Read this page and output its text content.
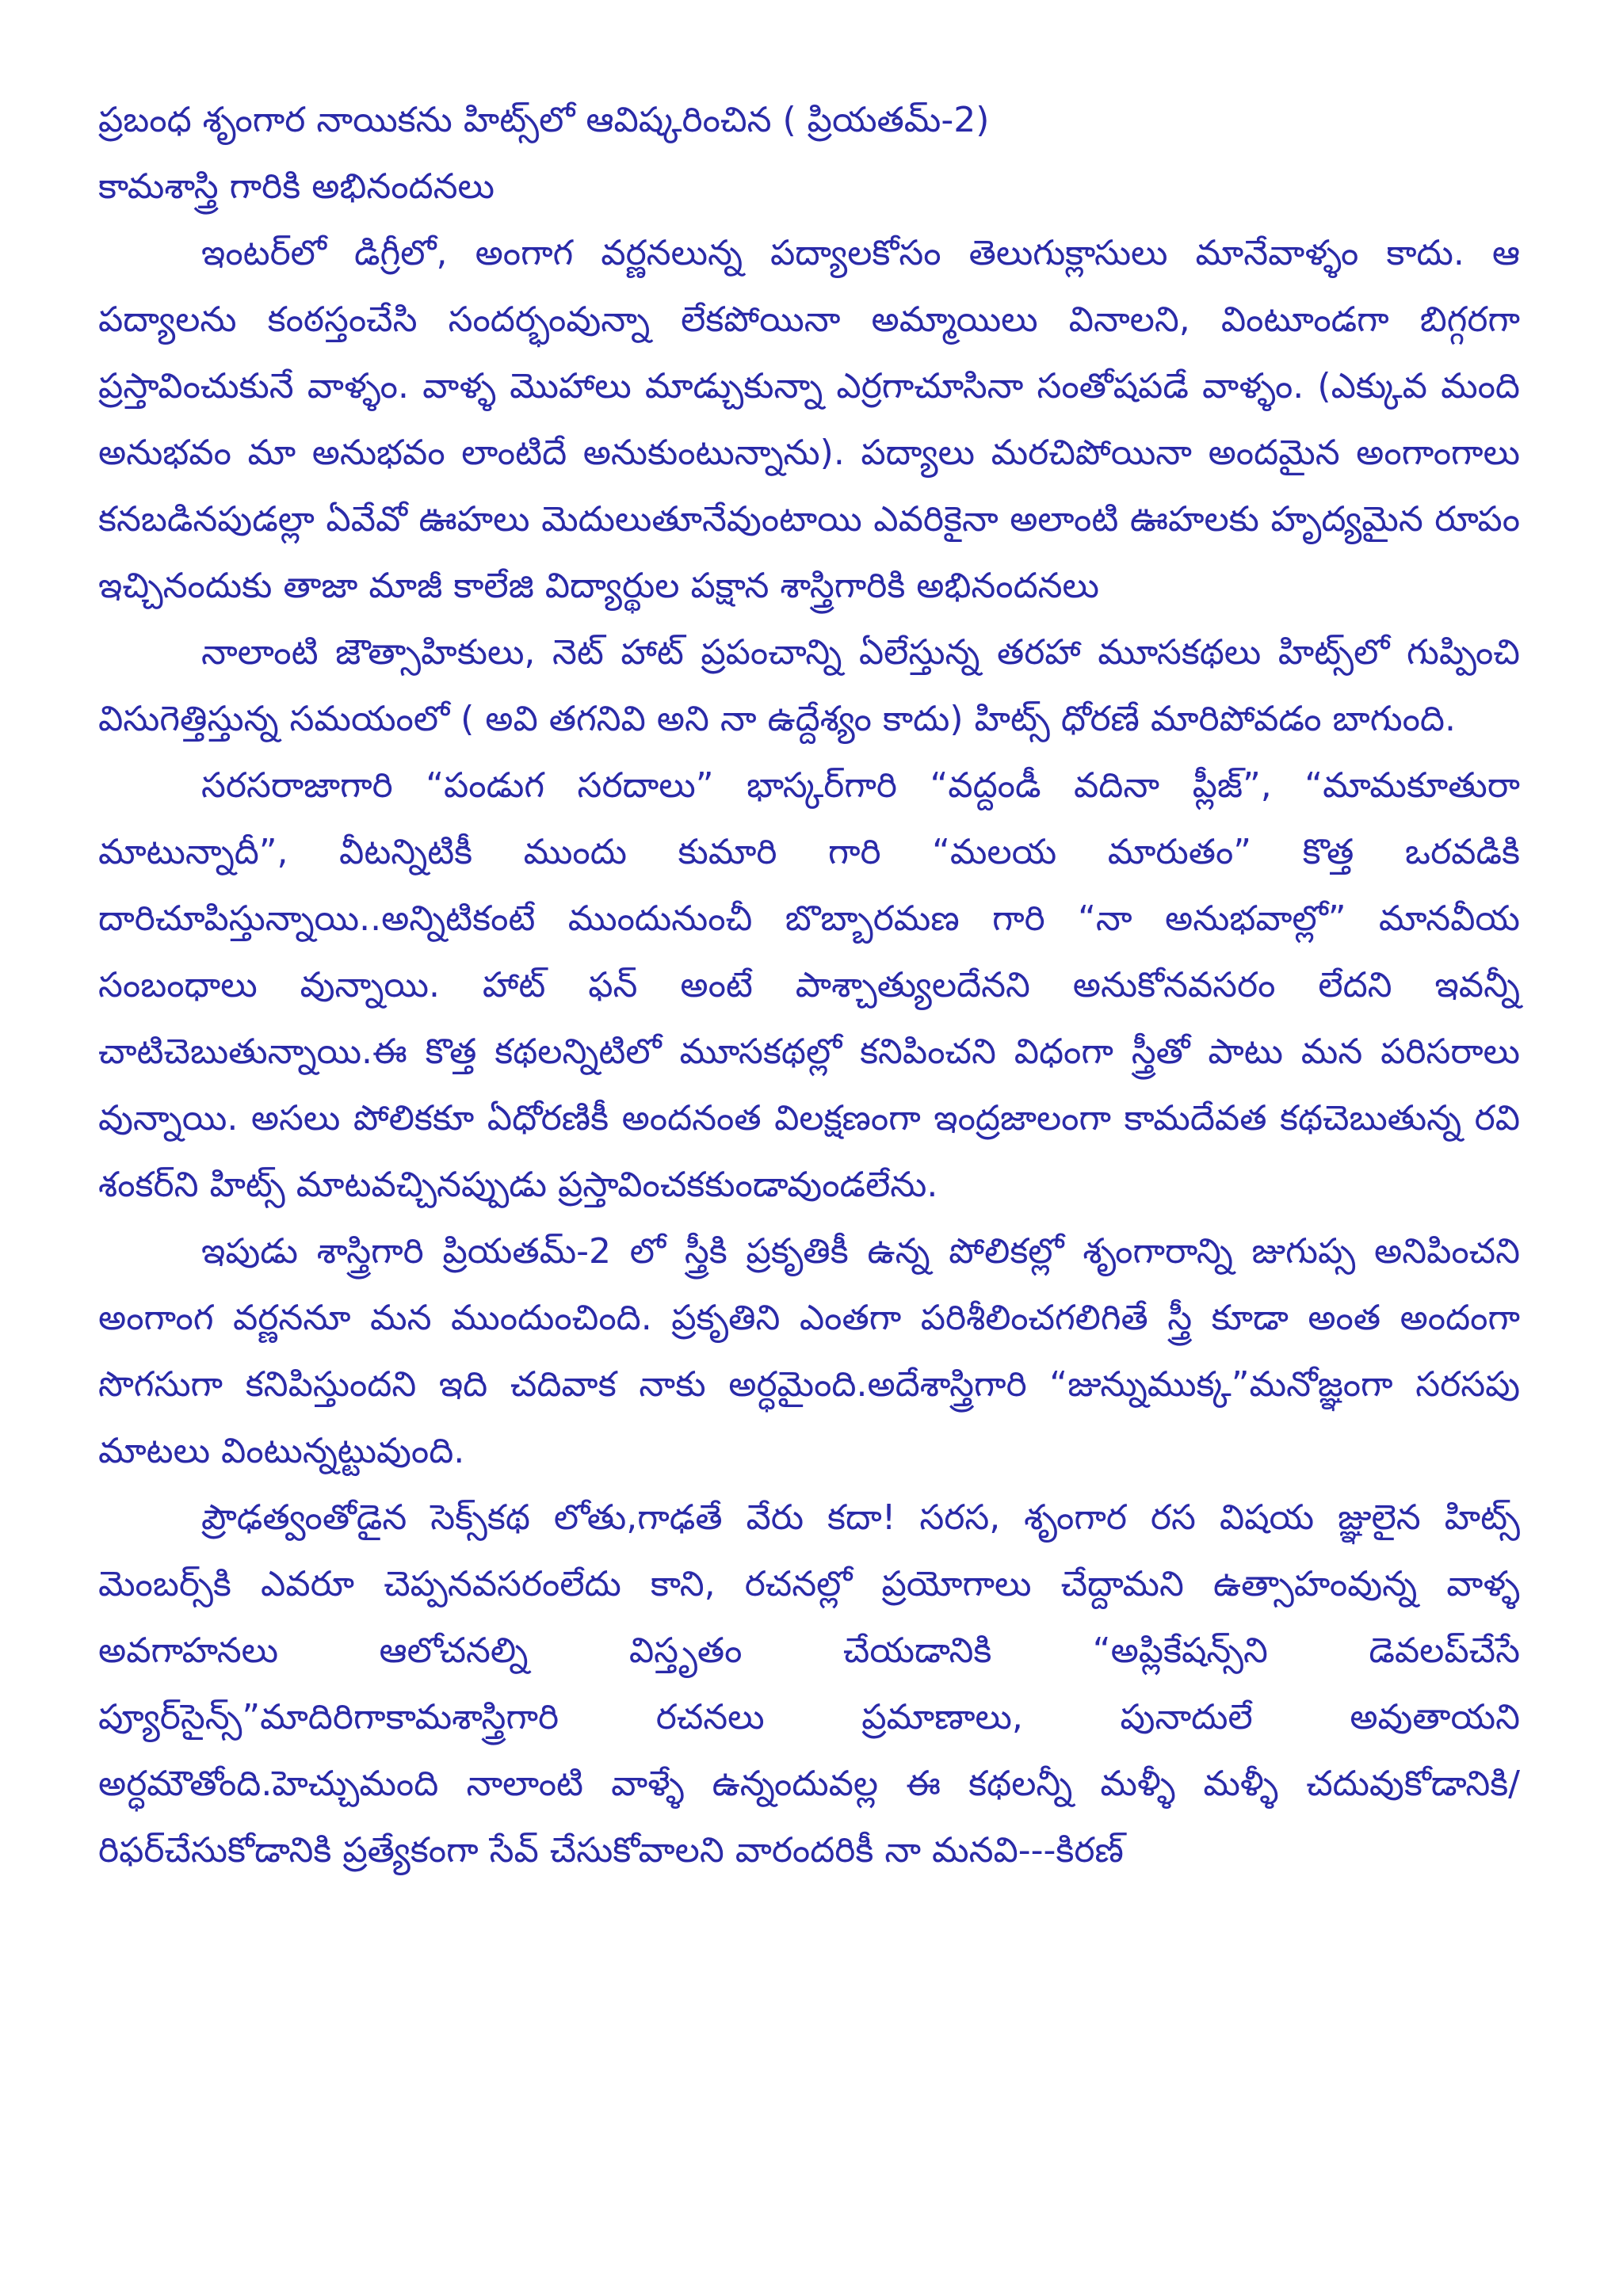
ప్రబంధ శృంగార నాయికను హిట్స్‌లో ఆవిష్కరించిన ( ప్రియతమ్-2)
కామశాస్త్రి గారికి అభినందనలు

ఇంటర్‌లో డిగ్రీలో, అంగాగ వర్ణనలున్న పద్యాలకోసం తెలుగుక్లాసులు మానేవాళ్ళం కాదు. ఆ పద్యాలను కంఠస్తంచేసి సందర్భంవున్నా లేకపోయినా అమ్మాయిలు వినాలని, వింటూండగా బిగ్గరగా ప్రస్తావించుకునే వాళ్ళం. వాళ్ళ మొహాలు మాడ్చుకున్నా ఎర్రగాచూసినా సంతోషపడే వాళ్ళం. (ఎక్కువ మంది అనుభవం మా అనుభవం లాంటిదే అనుకుంటున్నాను). పద్యాలు మరచిపోయినా అందమైన అంగాంగాలు కనబడినపుడల్లా ఏవేవో ఊహలు మెదులుతూనేవుంటాయి ఎవరికైనా అలాంటి ఊహలకు హృద్యమైన రూపం ఇచ్చినందుకు తాజా మాజీ కాలేజి విద్యార్థుల పక్షాన శాస్త్రిగారికి అభినందనలు

నాలాంటి జౌత్సాహికులు, నెట్ హాట్ ప్రపంచాన్ని ఏలేస్తున్న తరహా మూసకథలు హిట్స్‌లో గుప్పించి విసుగెత్తిస్తున్న సమయంలో ( అవి తగనివి అని నా ఉద్దేశ్యం కాదు) హిట్స్ ధోరణే మారిపోవడం బాగుంది.

సరసరాజాగారి “పండుగ సరదాలు” భాస్కర్‌గారి “వద్దండీ వదినా ప్లీజ్”, “మామకూతురా మాటున్నాదీ”, వీటన్నిటికీ ముందు కుమారి గారి “మలయ మారుతం” కొత్త ఒరవడికి దారిచూపిస్తున్నాయి..అన్నిటికంటే ముందునుంచీ బొబ్బారమణ గారి “నా అనుభవాల్లో” మానవీయ సంబంధాలు వున్నాయి. హాట్ ఫన్ అంటే పాశ్చాత్యులదేనని అనుకోనవసరం లేదని ఇవన్నీ చాటిచెబుతున్నాయి.ఈ కొత్త కథలన్నిటిలో మూసకథల్లో కనిపించని విధంగా స్త్రీతో పాటు మన పరిసరాలు వున్నాయి. అసలు పోలికకూ ఏధోరణికీ అందనంత విలక్షణంగా ఇంద్రజాలంగా కామదేవత కథచెబుతున్న రవి శంకర్‌ని హిట్స్ మాటవచ్చినప్పుడు ప్రస్తావించకకుండావుండలేను.

ఇపుడు శాస్త్రిగారి ప్రియతమ్-2 లో స్త్రీకి ప్రకృతికీ ఉన్న పోలికల్లో శృంగారాన్ని జుగుప్స అనిపించని అంగాంగ వర్ణననూ మన ముందుంచింది. ప్రకృతిని ఎంతగా పరిశీలించగలిగితే స్త్రీ కూడా అంత అందంగా సొగసుగా కనిపిస్తుందని ఇది చదివాక నాకు అర్ధమైంది.అదేశాస్త్రిగారి “జున్నుముక్క”మనోజ్ఞంగా సరసపు మాటలు వింటున్నట్టువుంది.

ప్రౌఢత్వంతోడైన సెక్స్‌కథ లోతు,గాఢతే వేరు కదా! సరస, శృంగార రస విషయ జ్ఞులైన హిట్స్ మెంబర్స్‌కి ఎవరూ చెప్పనవసరంలేదు కాని, రచనల్లో ప్రయోగాలు చేద్దామని ఉత్సాహంవున్న వాళ్ళ అవగాహనలు ఆలోచనల్ని విస్తృతం చేయడానికి “అప్లికేషన్స్‌ని డెవలప్‌చేసే ప్యూర్‌సైన్స్”మాదిరిగాకామశాస్త్రిగారి రచనలు ప్రమాణాలు, పునాదులే అవుతాయని అర్ధమౌతోంది.హెచ్చుమంది నాలాంటి వాళ్ళే ఉన్నందువల్ల ఈ కథలన్నీ మళ్ళీ మళ్ళీ చదువుకోడానికి/రిఫర్‌చేసుకోడానికి ప్రత్యేకంగా సేవ్ చేసుకోవాలని వారందరికీ నా మనవి---కిరణ్
